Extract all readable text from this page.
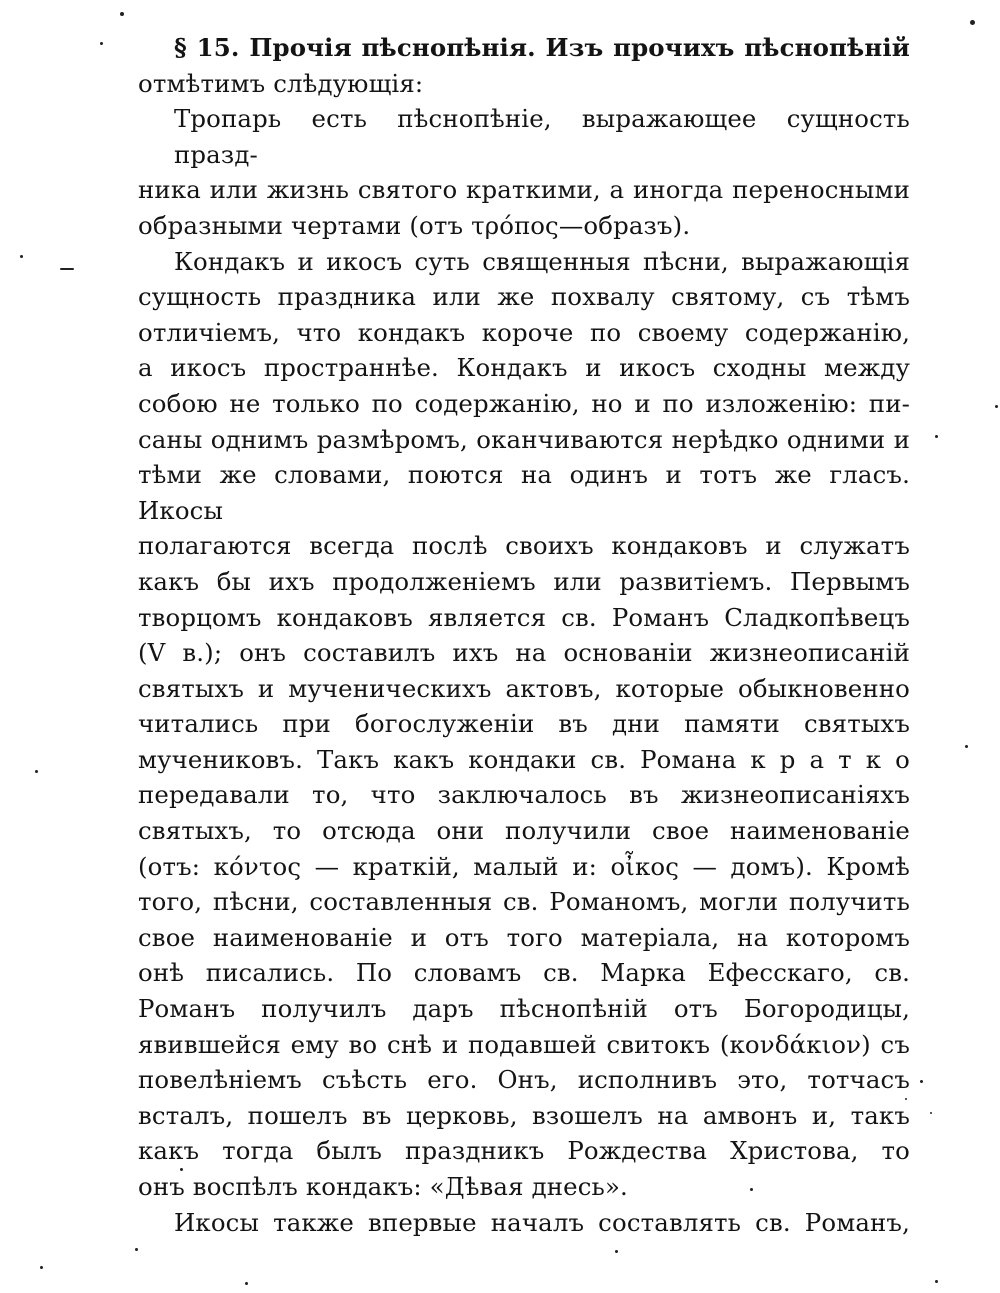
§ 15. Прочія пѣснопѣнія. Изъ прочихъ пѣснопѣній
отмѣтимъ слѣдующія:

Тропарь есть пѣснопѣніе, выражающее сущность празд-
ника или жизнь святого краткими, а иногда переносными
образными чертами (отъ τρόπος—образъ).

Кондакъ и икосъ суть священныя пѣсни, выражающія
сущность праздника или же похвалу святому, съ тѣмъ
отличіемъ, что кондакъ короче по своему содержанію,
а икосъ пространнѣе. Кондакъ и икосъ сходны между
собою не только по содержанію, но и по изложенію: пи-
саны однимъ размѣромъ, оканчиваются нерѣдко одними и
тѣми же словами, поются на одинъ и тотъ же гласъ. Икосы
полагаются всегда послѣ своихъ кондаковъ и служатъ
какъ бы ихъ продолженіемъ или развитіемъ. Первымъ
творцомъ кондаковъ является св. Романъ Сладкопѣвецъ
(V в.); онъ составилъ ихъ на основаніи жизнеописаній
святыхъ и мученическихъ актовъ, которые обыкновенно
читались при богослуженіи въ дни памяти святыхъ
мучениковъ. Такъ какъ кондаки св. Романа к р а т к о
передавали то, что заключалось въ жизнеописаніяхъ
святыхъ, то отсюда они получили свое наименованіе
(отъ: κόντος — краткій, малый и: οἶκος — домъ). Кромѣ
того, пѣсни, составленныя св. Романомъ, могли получить
свое наименованіе и отъ того матеріала, на которомъ
онѣ писались. По словамъ св. Марка Ефесскаго, св.
Романъ получилъ даръ пѣснопѣній отъ Богородицы,
явившейся ему во снѣ и подавшей свитокъ (κονδάκιον) съ
повелѣніемъ съѣсть его. Онъ, исполнивъ это, тотчасъ
всталъ, пошелъ въ церковь, взошелъ на амвонъ и, такъ
какъ тогда былъ праздникъ Рождества Христова, то
онъ воспѣлъ кондакъ: «Дѣвая днесь».

Икосы также впервые началъ составлять св. Романъ,
